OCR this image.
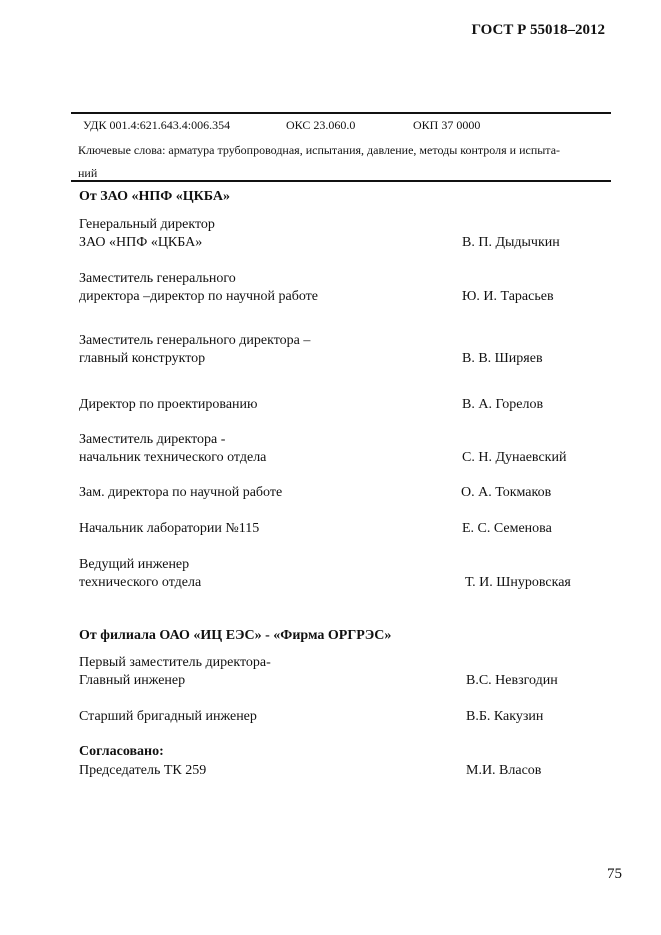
ГОСТ Р 55018–2012
УДК 001.4:621.643.4:006.354	ОКС 23.060.0	ОКП 37 0000
Ключевые слова: арматура трубопроводная, испытания, давление, методы контроля и испыта-
ний
От ЗАО «НПФ «ЦКБА»
Генеральный директор
ЗАО «НПФ «ЦКБА»	В. П. Дыдычкин
Заместитель генерального
директора –директор по научной работе	Ю. И. Тарасьев
Заместитель генерального директора –
главный конструктор	В. В. Ширяев
Директор по проектированию	В. А. Горелов
Заместитель директора -
начальник технического отдела	С. Н. Дунаевский
Зам. директора по научной работе	О. А. Токмаков
Начальник лаборатории №115	Е. С. Семенова
Ведущий инженер
технического отдела	Т. И. Шнуровская
От филиала ОАО «ИЦ ЕЭС» - «Фирма ОРГРЭС»
Первый заместитель директора-
Главный инженер	В.С. Невзгодин
Старший бригадный инженер	В.Б. Какузин
Согласовано:
Председатель ТК 259	М.И. Власов
75
